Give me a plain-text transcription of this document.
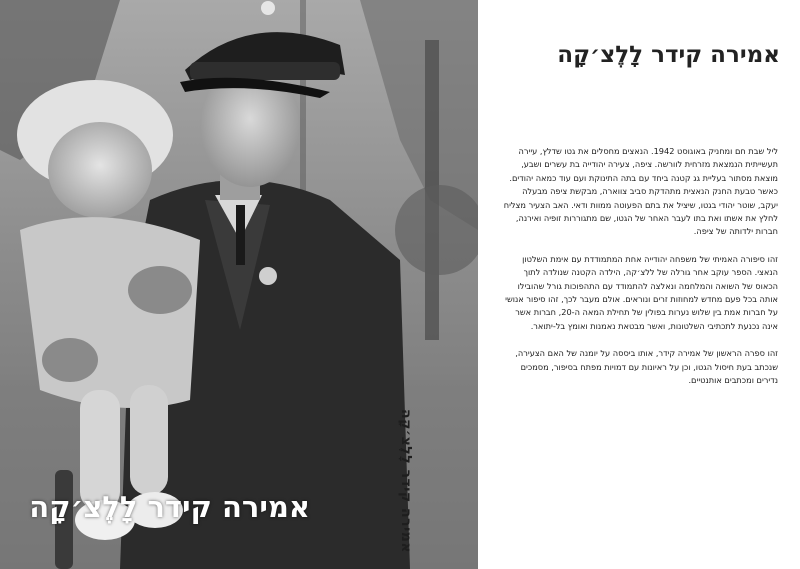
אמירה קידר לָלֶצ׳קָה	אמירה קידר לָלֶצ׳קָה
אמירה קידר לָלֶצ׳קָה

ליל שבת חם ומחניק באוגוסט 1942. הנאצים מחסלים את גטו שדלץ, עיירה תעשייתית הנמצאת מזרחית לוורשה. ציפה, צעירה יהודייה בת עשרים ושבע, מוצאת מסתור בעליית גג קטנה ביחד עם בתה התינוקת ועם עוד כמאה יהודים. כאשר טבעת החנק הנאצית מתהדקת סביב צווארה, מבקשת ציפה מבעלה יעקב, שוטר יהודי בגטו, שיציל את בתם הפעוטה ממוות ודאי. האב הצעיר מצליח לחלץ את אשתו ואת בתו לעבר האחר של הגטו, שם מתגוררות זופיה ואירנה, חברות ילדותה של ציפה.

זהו סיפורה האמיתי של משפחה יהודייה אחת המתמודדת עם אימת השלטון הנאצי. הספר עוקב אחר גורלה של ללצ׳קה, הילדה הקטנה שנולדה לתוך הכאוס של השואה והמלחמה ונאלצה להתמודד עם התהפוכות גורל שהובילו אותה בכל פעם מחדש למחוזות זרים ונוראים. אולם מעבר לכך, זהו סיפור אנושי על חברות אמת בין שלוש נערות בפולין של תחילת המאה ה-20, חברות אשר אינה נכנעת לתכתיבי השלטונות, ואשר מבטאת נאמנות ואומץ בל-יתואר.

זהו ספרה הראשון של אמירה קידר, אותו ביססה על יומנה של האם הצעירה, שנכתב בעת חיסול הגטו, וכן על ראיונות עם דמויות מפתח בסיפור, מסמכים נדירים ומכתבים אותנטיים.
